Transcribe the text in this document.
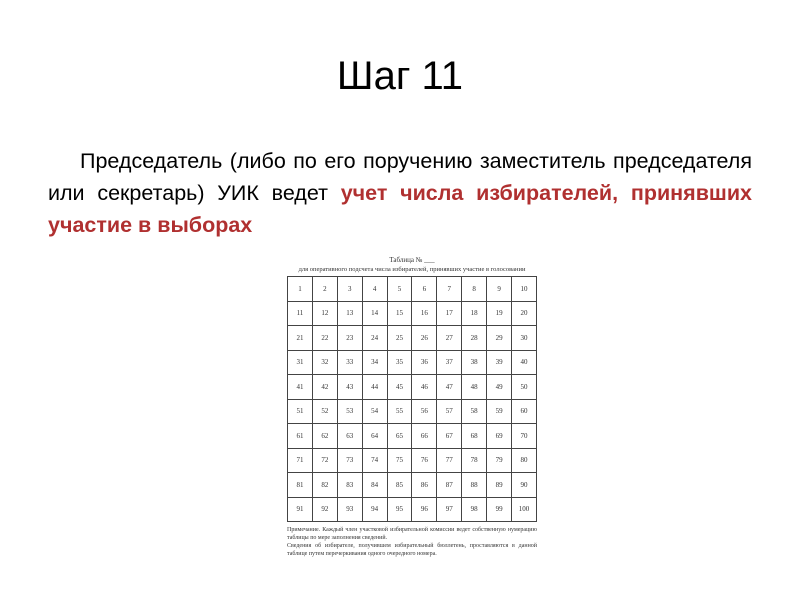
Шаг 11

Председатель (либо по его поручению заместитель председателя или секретарь) УИК ведет учет числа избирателей, принявших участие в выборах

Таблица № ___
для оперативного подсчета числа избирателей, принявших участие в голосовании
1	2	3	4	5	6	7	8	9	10
11	12	13	14	15	16	17	18	19	20
21	22	23	24	25	26	27	28	29	30
31	32	33	34	35	36	37	38	39	40
41	42	43	44	45	46	47	48	49	50
51	52	53	54	55	56	57	58	59	60
61	62	63	64	65	66	67	68	69	70
71	72	73	74	75	76	77	78	79	80
81	82	83	84	85	86	87	88	89	90
91	92	93	94	95	96	97	98	99	100

Примечание. Каждый член участковой избирательной комиссии ведет собственную нумерацию таблицы по мере заполнения сведений.

Сведения об избирателе, получившем избирательный бюллетень, проставляются в данной таблице путем перечеркивания одного очередного номера.
